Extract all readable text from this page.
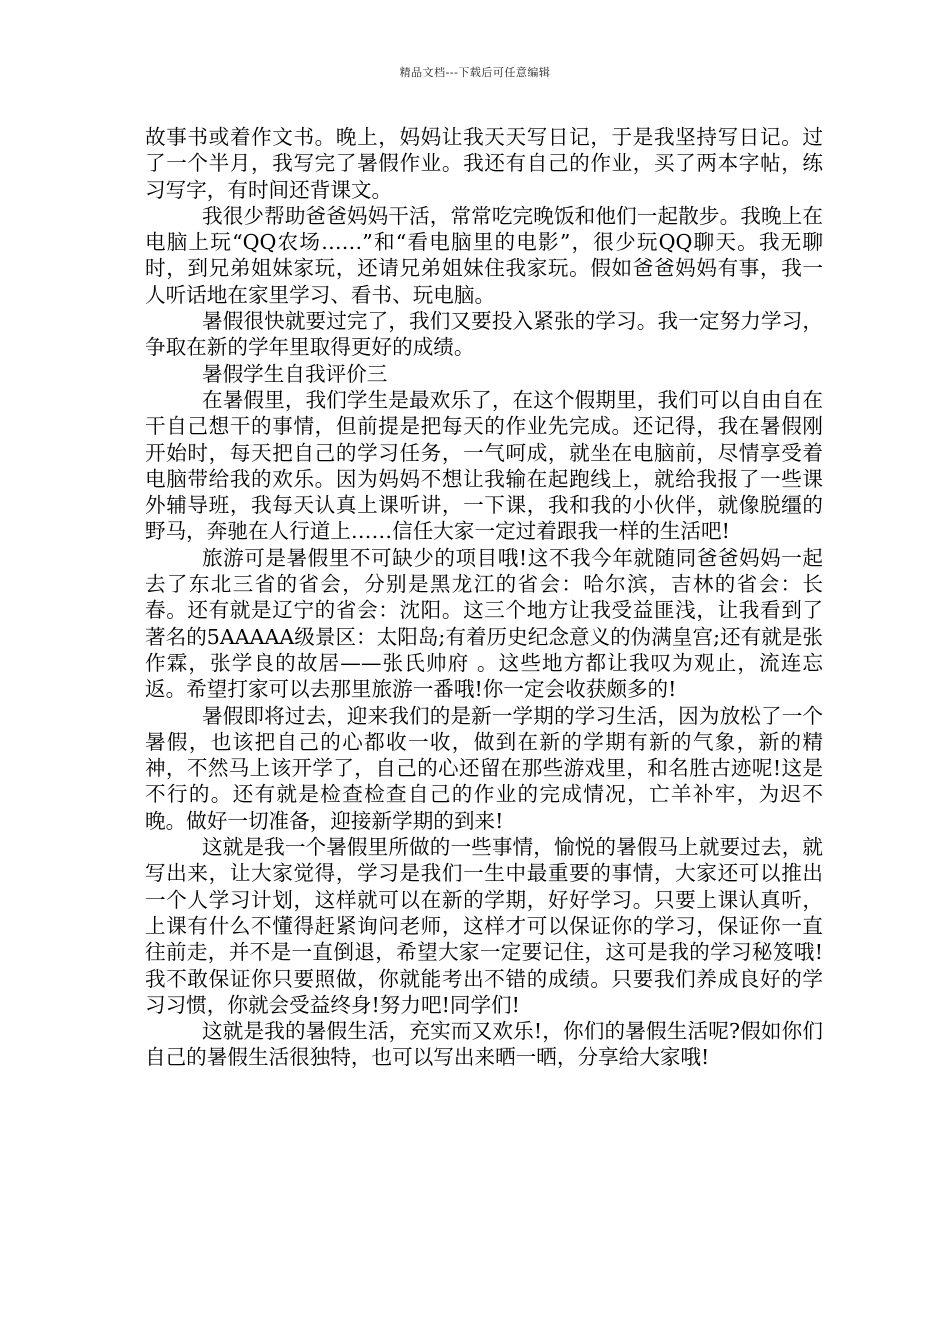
精品文档---下载后可任意编辑

故事书或着作文书。晚上，妈妈让我天天写日记，于是我坚持写日记。过了一个半月，我写完了暑假作业。我还有自己的作业，买了两本字帖，练习写字，有时间还背课文。

我很少帮助爸爸妈妈干活，常常吃完晚饭和他们一起散步。我晚上在电脑上玩“QQ农场……”和“看电脑里的电影”，很少玩QQ聊天。我无聊时，到兄弟姐妹家玩，还请兄弟姐妹住我家玩。假如爸爸妈妈有事，我一人听话地在家里学习、看书、玩电脑。

暑假很快就要过完了，我们又要投入紧张的学习。我一定努力学习，争取在新的学年里取得更好的成绩。

暑假学生自我评价三

在暑假里，我们学生是最欢乐了，在这个假期里，我们可以自由自在干自己想干的事情，但前提是把每天的作业先完成。还记得，我在暑假刚开始时，每天把自己的学习任务，一气呵成，就坐在电脑前，尽情享受着电脑带给我的欢乐。因为妈妈不想让我输在起跑线上，就给我报了一些课外辅导班，我每天认真上课听讲，一下课，我和我的小伙伴，就像脱缰的野马，奔驰在人行道上……信任大家一定过着跟我一样的生活吧!

旅游可是暑假里不可缺少的项目哦!这不我今年就随同爸爸妈妈一起去了东北三省的省会，分别是黑龙江的省会：哈尔滨，吉林的省会：长春。还有就是辽宁的省会：沈阳。这三个地方让我受益匪浅，让我看到了著名的5AAAAA级景区：太阳岛;有着历史纪念意义的伪满皇宫;还有就是张作霖，张学良的故居——张氏帅府 。这些地方都让我叹为观止，流连忘返。希望打家可以去那里旅游一番哦!你一定会收获颇多的!

暑假即将过去，迎来我们的是新一学期的学习生活，因为放松了一个暑假，也该把自己的心都收一收，做到在新的学期有新的气象，新的精神，不然马上该开学了，自己的心还留在那些游戏里，和名胜古迹呢!这是不行的。还有就是检查检查自己的作业的完成情况，亡羊补牢，为迟不晚。做好一切准备，迎接新学期的到来!

这就是我一个暑假里所做的一些事情，愉悦的暑假马上就要过去，就写出来，让大家觉得，学习是我们一生中最重要的事情，大家还可以推出一个人学习计划，这样就可以在新的学期，好好学习。只要上课认真听，上课有什么不懂得赶紧询问老师，这样才可以保证你的学习，保证你一直往前走，并不是一直倒退，希望大家一定要记住，这可是我的学习秘笈哦!我不敢保证你只要照做，你就能考出不错的成绩。只要我们养成良好的学习习惯，你就会受益终身!努力吧!同学们!

这就是我的暑假生活，充实而又欢乐!，你们的暑假生活呢?假如你们自己的暑假生活很独特，也可以写出来晒一晒，分享给大家哦!
